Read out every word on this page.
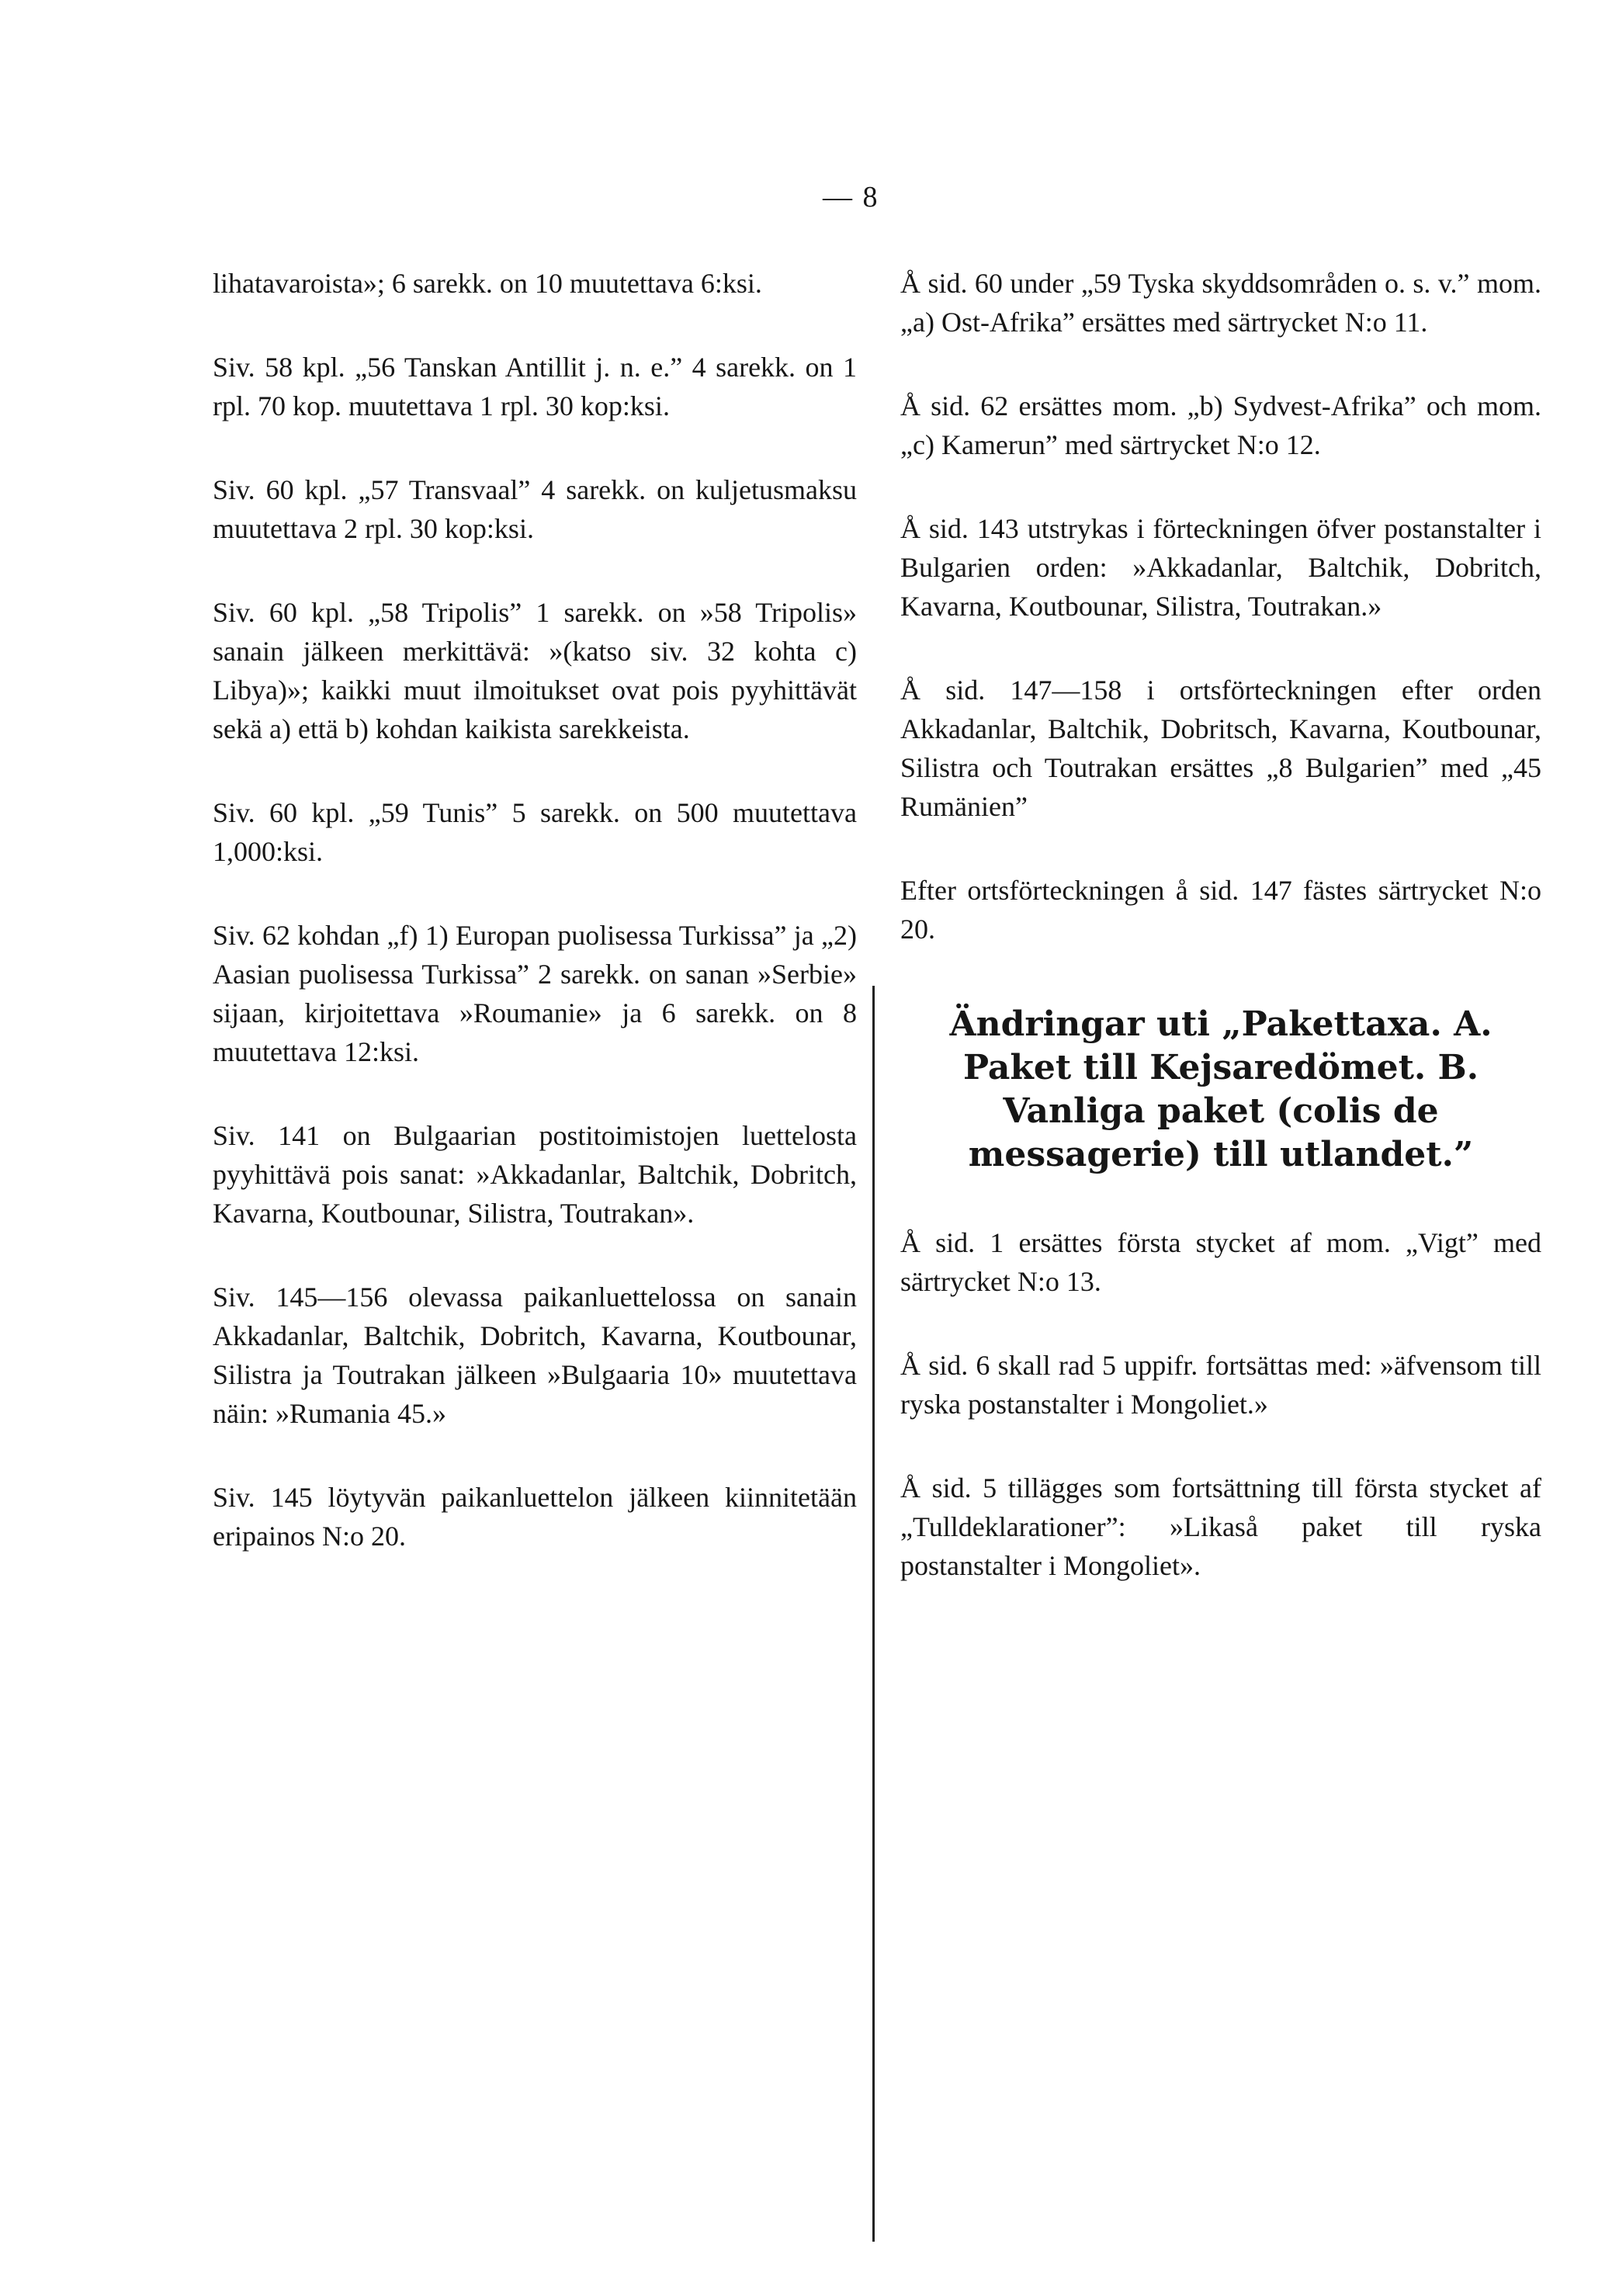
— 8

lihatavaroista»; 6 sarekk. on 10 muutettava 6:ksi.

Siv. 58 kpl. „56 Tanskan Antillit j. n. e.” 4 sarekk. on 1 rpl. 70 kop. muutettava 1 rpl. 30 kop:ksi.

Siv. 60 kpl. „57 Transvaal” 4 sarekk. on kuljetusmaksu muutettava 2 rpl. 30 kop:ksi.

Siv. 60 kpl. „58 Tripolis” 1 sarekk. on »58 Tripolis» sanain jälkeen merkittävä: »(katso siv. 32 kohta c) Libya)»; kaikki muut ilmoitukset ovat pois pyyhittävät sekä a) että b) kohdan kaikista sarekkeista.

Siv. 60 kpl. „59 Tunis” 5 sarekk. on 500 muutettava 1,000:ksi.

Siv. 62 kohdan „f) 1) Europan puolisessa Turkissa” ja „2) Aasian puolisessa Turkissa” 2 sarekk. on sanan »Serbie» sijaan, kirjoitettava »Roumanie» ja 6 sarekk. on 8 muutettava 12:ksi.

Siv. 141 on Bulgaarian postitoimistojen luettelosta pyyhittävä pois sanat: »Akkadanlar, Baltchik, Dobritch, Kavarna, Koutbounar, Silistra, Toutrakan».

Siv. 145—156 olevassa paikanluettelossa on sanain Akkadanlar, Baltchik, Dobritch, Kavarna, Koutbounar, Silistra ja Toutrakan jälkeen »Bulgaaria 10» muutettava näin: »Rumania 45.»

Siv. 145 löytyvän paikanluettelon jälkeen kiinnitetään eripainos N:o 20.

Å sid. 60 under „59 Tyska skyddsområden o. s. v.” mom. „a) Ost-Afrika” ersättes med särtrycket N:o 11.

Å sid. 62 ersättes mom. „b) Sydvest-Afrika” och mom. „c) Kamerun” med särtrycket N:o 12.

Å sid. 143 utstrykas i förteckningen öfver postanstalter i Bulgarien orden: »Akkadanlar, Baltchik, Dobritch, Kavarna, Koutbounar, Silistra, Toutrakan.»

Å sid. 147—158 i ortsförteckningen efter orden Akkadanlar, Baltchik, Dobritsch, Kavarna, Koutbounar, Silistra och Toutrakan ersättes „8 Bulgarien” med „45 Rumänien”

Efter ortsförteckningen å sid. 147 fästes särtrycket N:o 20.

Ändringar uti „Pakettaxa. A. Paket till Kejsaredömet. B. Vanliga paket (colis de messagerie) till utlandet.”

Å sid. 1 ersättes första stycket af mom. „Vigt” med särtrycket N:o 13.

Å sid. 6 skall rad 5 uppifr. fortsättas med: »äfvensom till ryska postanstalter i Mongoliet.»

Å sid. 5 tillägges som fortsättning till första stycket af „Tulldeklarationer”: »Likaså paket till ryska postanstalter i Mongoliet».
